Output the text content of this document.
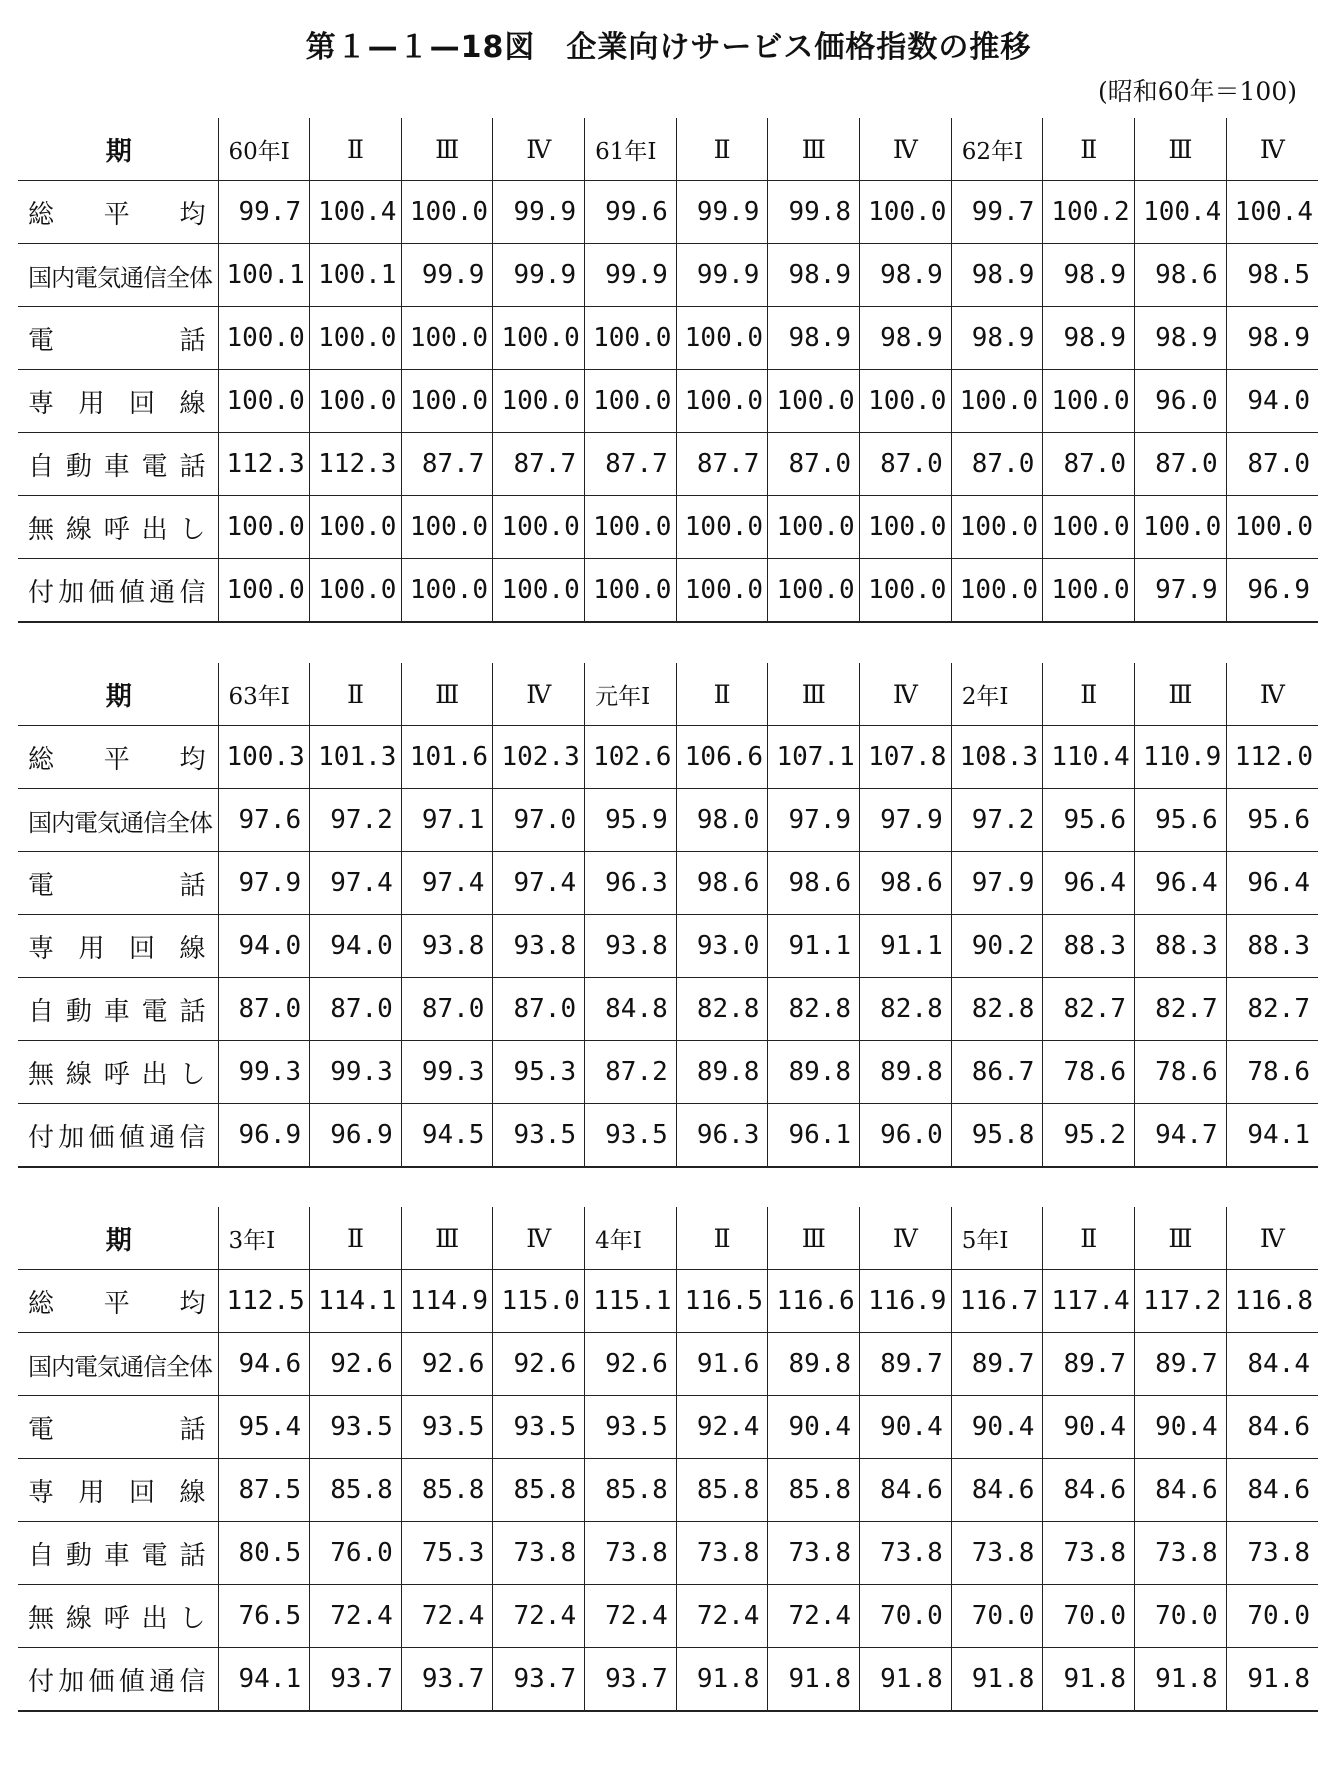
第１—１—18図　企業向けサービス価格指数の推移
(昭和60年＝100)
期	60年Ⅰ	Ⅱ	Ⅲ	Ⅳ	61年Ⅰ	Ⅱ	Ⅲ	Ⅳ	62年Ⅰ	Ⅱ	Ⅲ	Ⅳ
総　平　均	99.7	100.4	100.0	99.9	99.6	99.9	99.8	100.0	99.7	100.2	100.4	100.4
国内電気通信全体	100.1	100.1	99.9	99.9	99.9	99.9	98.9	98.9	98.9	98.9	98.6	98.5
電　　　話	100.0	100.0	100.0	100.0	100.0	100.0	98.9	98.9	98.9	98.9	98.9	98.9
専用回線	100.0	100.0	100.0	100.0	100.0	100.0	100.0	100.0	100.0	100.0	96.0	94.0
自動車電話	112.3	112.3	87.7	87.7	87.7	87.7	87.0	87.0	87.0	87.0	87.0	87.0
無線呼出し	100.0	100.0	100.0	100.0	100.0	100.0	100.0	100.0	100.0	100.0	100.0	100.0
付加価値通信	100.0	100.0	100.0	100.0	100.0	100.0	100.0	100.0	100.0	100.0	97.9	96.9
期	63年Ⅰ	Ⅱ	Ⅲ	Ⅳ	元年Ⅰ	Ⅱ	Ⅲ	Ⅳ	2年Ⅰ	Ⅱ	Ⅲ	Ⅳ
総　平　均	100.3	101.3	101.6	102.3	102.6	106.6	107.1	107.8	108.3	110.4	110.9	112.0
国内電気通信全体	97.6	97.2	97.1	97.0	95.9	98.0	97.9	97.9	97.2	95.6	95.6	95.6
電　　　話	97.9	97.4	97.4	97.4	96.3	98.6	98.6	98.6	97.9	96.4	96.4	96.4
専用回線	94.0	94.0	93.8	93.8	93.8	93.0	91.1	91.1	90.2	88.3	88.3	88.3
自動車電話	87.0	87.0	87.0	87.0	84.8	82.8	82.8	82.8	82.8	82.7	82.7	82.7
無線呼出し	99.3	99.3	99.3	95.3	87.2	89.8	89.8	89.8	86.7	78.6	78.6	78.6
付加価値通信	96.9	96.9	94.5	93.5	93.5	96.3	96.1	96.0	95.8	95.2	94.7	94.1
期	3年Ⅰ	Ⅱ	Ⅲ	Ⅳ	4年Ⅰ	Ⅱ	Ⅲ	Ⅳ	5年Ⅰ	Ⅱ	Ⅲ	Ⅳ
総　平　均	112.5	114.1	114.9	115.0	115.1	116.5	116.6	116.9	116.7	117.4	117.2	116.8
国内電気通信全体	94.6	92.6	92.6	92.6	92.6	91.6	89.8	89.7	89.7	89.7	89.7	84.4
電　　　話	95.4	93.5	93.5	93.5	93.5	92.4	90.4	90.4	90.4	90.4	90.4	84.6
専用回線	87.5	85.8	85.8	85.8	85.8	85.8	85.8	84.6	84.6	84.6	84.6	84.6
自動車電話	80.5	76.0	75.3	73.8	73.8	73.8	73.8	73.8	73.8	73.8	73.8	73.8
無線呼出し	76.5	72.4	72.4	72.4	72.4	72.4	72.4	70.0	70.0	70.0	70.0	70.0
付加価値通信	94.1	93.7	93.7	93.7	93.7	91.8	91.8	91.8	91.8	91.8	91.8	91.8
